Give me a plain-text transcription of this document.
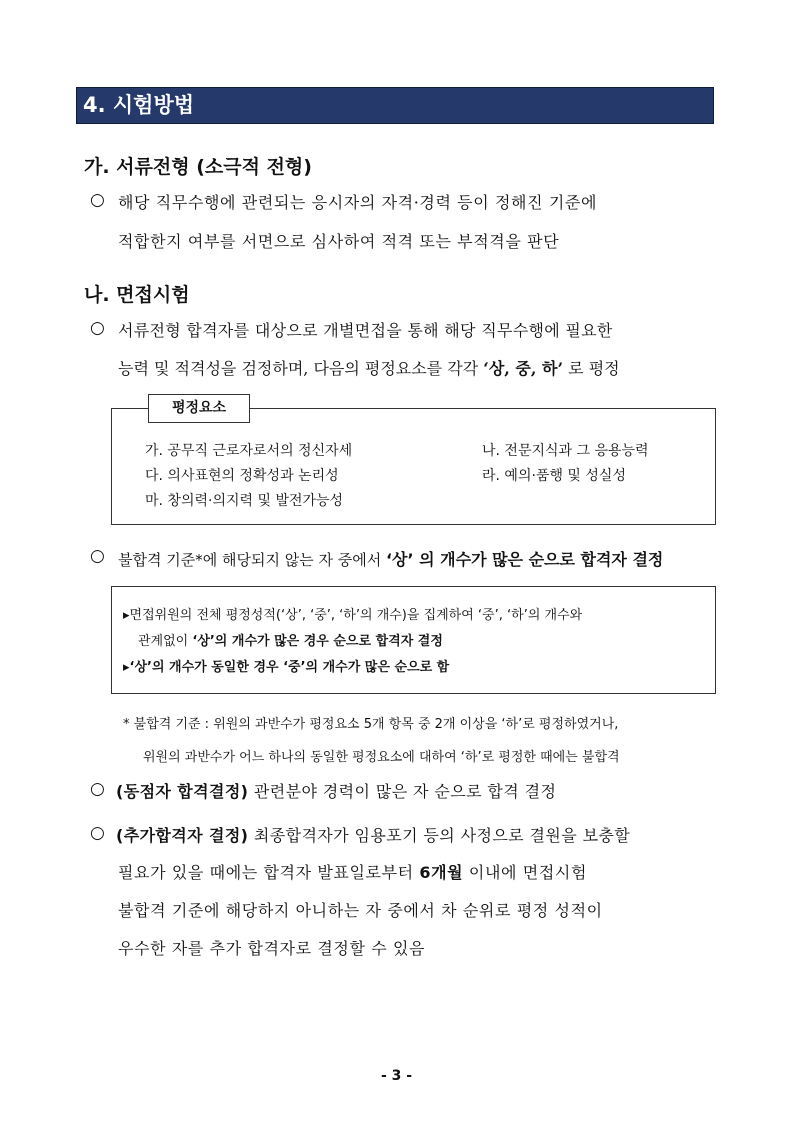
4. 시험방법
가. 서류전형 (소극적 전형)
○ 해당 직무수행에 관련되는 응시자의 자격·경력 등이 정해진 기준에
적합한지 여부를 서면으로 심사하여 적격 또는 부적격을 판단
나. 면접시험
○ 서류전형 합격자를 대상으로 개별면접을 통해 해당 직무수행에 필요한
능력 및 적격성을 검정하며, 다음의 평정요소를 각각 ‘상, 중, 하’ 로 평정
평정요소
가. 공무직 근로자로서의 정신자세	나. 전문지식과 그 응용능력
다. 의사표현의 정확성과 논리성	라. 예의·품행 및 성실성
마. 창의력·의지력 및 발전가능성
○ 불합격 기준*에 해당되지 않는 자 중에서 ‘상’ 의 개수가 많은 순으로 합격자 결정
▸면접위원의 전체 평정성적(‘상’, ‘중’, ‘하’의 개수)을 집계하여 ‘중’, ‘하’의 개수와
관계없이 ‘상’의 개수가 많은 경우 순으로 합격자 결정
▸‘상’의 개수가 동일한 경우 ‘중’의 개수가 많은 순으로 함
* 불합격 기준 : 위원의 과반수가 평정요소 5개 항목 중 2개 이상을 ‘하’로 평정하였거나,
위원의 과반수가 어느 하나의 동일한 평정요소에 대하여 ‘하’로 평정한 때에는 불합격
○ (동점자 합격결정) 관련분야 경력이 많은 자 순으로 합격 결정
○ (추가합격자 결정) 최종합격자가 임용포기 등의 사정으로 결원을 보충할
필요가 있을 때에는 합격자 발표일로부터 6개월 이내에 면접시험
불합격 기준에 해당하지 아니하는 자 중에서 차 순위로 평정 성적이
우수한 자를 추가 합격자로 결정할 수 있음
- 3 -
